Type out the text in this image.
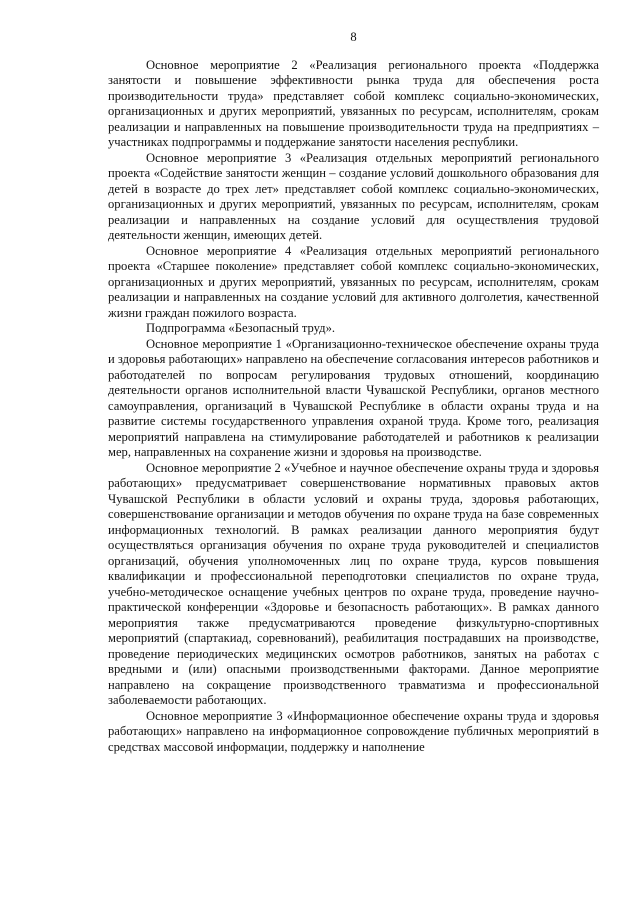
8

Основное мероприятие 2 «Реализация регионального проекта «Поддержка занятости и повышение эффективности рынка труда для обеспечения роста производительности труда» представляет собой комплекс социально-экономических, организационных и других мероприятий, увязанных по ресурсам, исполнителям, срокам реализации и направленных на повышение производительности труда на предприятиях – участниках подпрограммы и поддержание занятости населения республики.

Основное мероприятие 3 «Реализация отдельных мероприятий регионального проекта «Содействие занятости женщин – создание условий дошкольного образования для детей в возрасте до трех лет» представляет собой комплекс социально-экономических, организационных и других мероприятий, увязанных по ресурсам, исполнителям, срокам реализации и направленных на создание условий для осуществления трудовой деятельности женщин, имеющих детей.

Основное мероприятие 4 «Реализация отдельных мероприятий регионального проекта «Старшее поколение» представляет собой комплекс социально-экономических, организационных и других мероприятий, увязанных по ресурсам, исполнителям, срокам реализации и направленных на создание условий для активного долголетия, качественной жизни граждан пожилого возраста.

Подпрограмма «Безопасный труд».

Основное мероприятие 1 «Организационно-техническое обеспечение охраны труда и здоровья работающих» направлено на обеспечение согласования интересов работников и работодателей по вопросам регулирования трудовых отношений, координацию деятельности органов исполнительной власти Чувашской Республики, органов местного самоуправления, организаций в Чувашской Республике в области охраны труда и на развитие системы государственного управления охраной труда. Кроме того, реализация мероприятий направлена на стимулирование работодателей и работников к реализации мер, направленных на сохранение жизни и здоровья на производстве.

Основное мероприятие 2 «Учебное и научное обеспечение охраны труда и здоровья работающих» предусматривает совершенствование нормативных правовых актов Чувашской Республики в области условий и охраны труда, здоровья работающих, совершенствование организации и методов обучения по охране труда на базе современных информационных технологий. В рамках реализации данного мероприятия будут осуществляться организация обучения по охране труда руководителей и специалистов организаций, обучения уполномоченных лиц по охране труда, курсов повышения квалификации и профессиональной переподготовки специалистов по охране труда, учебно-методическое оснащение учебных центров по охране труда, проведение научно-практической конференции «Здоровье и безопасность работающих». В рамках данного мероприятия также предусматриваются проведение физкультурно-спортивных мероприятий (спартакиад, соревнований), реабилитация пострадавших на производстве, проведение периодических медицинских осмотров работников, занятых на работах с вредными и (или) опасными производственными факторами. Данное мероприятие направлено на сокращение производственного травматизма и профессиональной заболеваемости работающих.

Основное мероприятие 3 «Информационное обеспечение охраны труда и здоровья работающих» направлено на информационное сопровождение публичных мероприятий в средствах массовой информации, поддержку и наполнение
